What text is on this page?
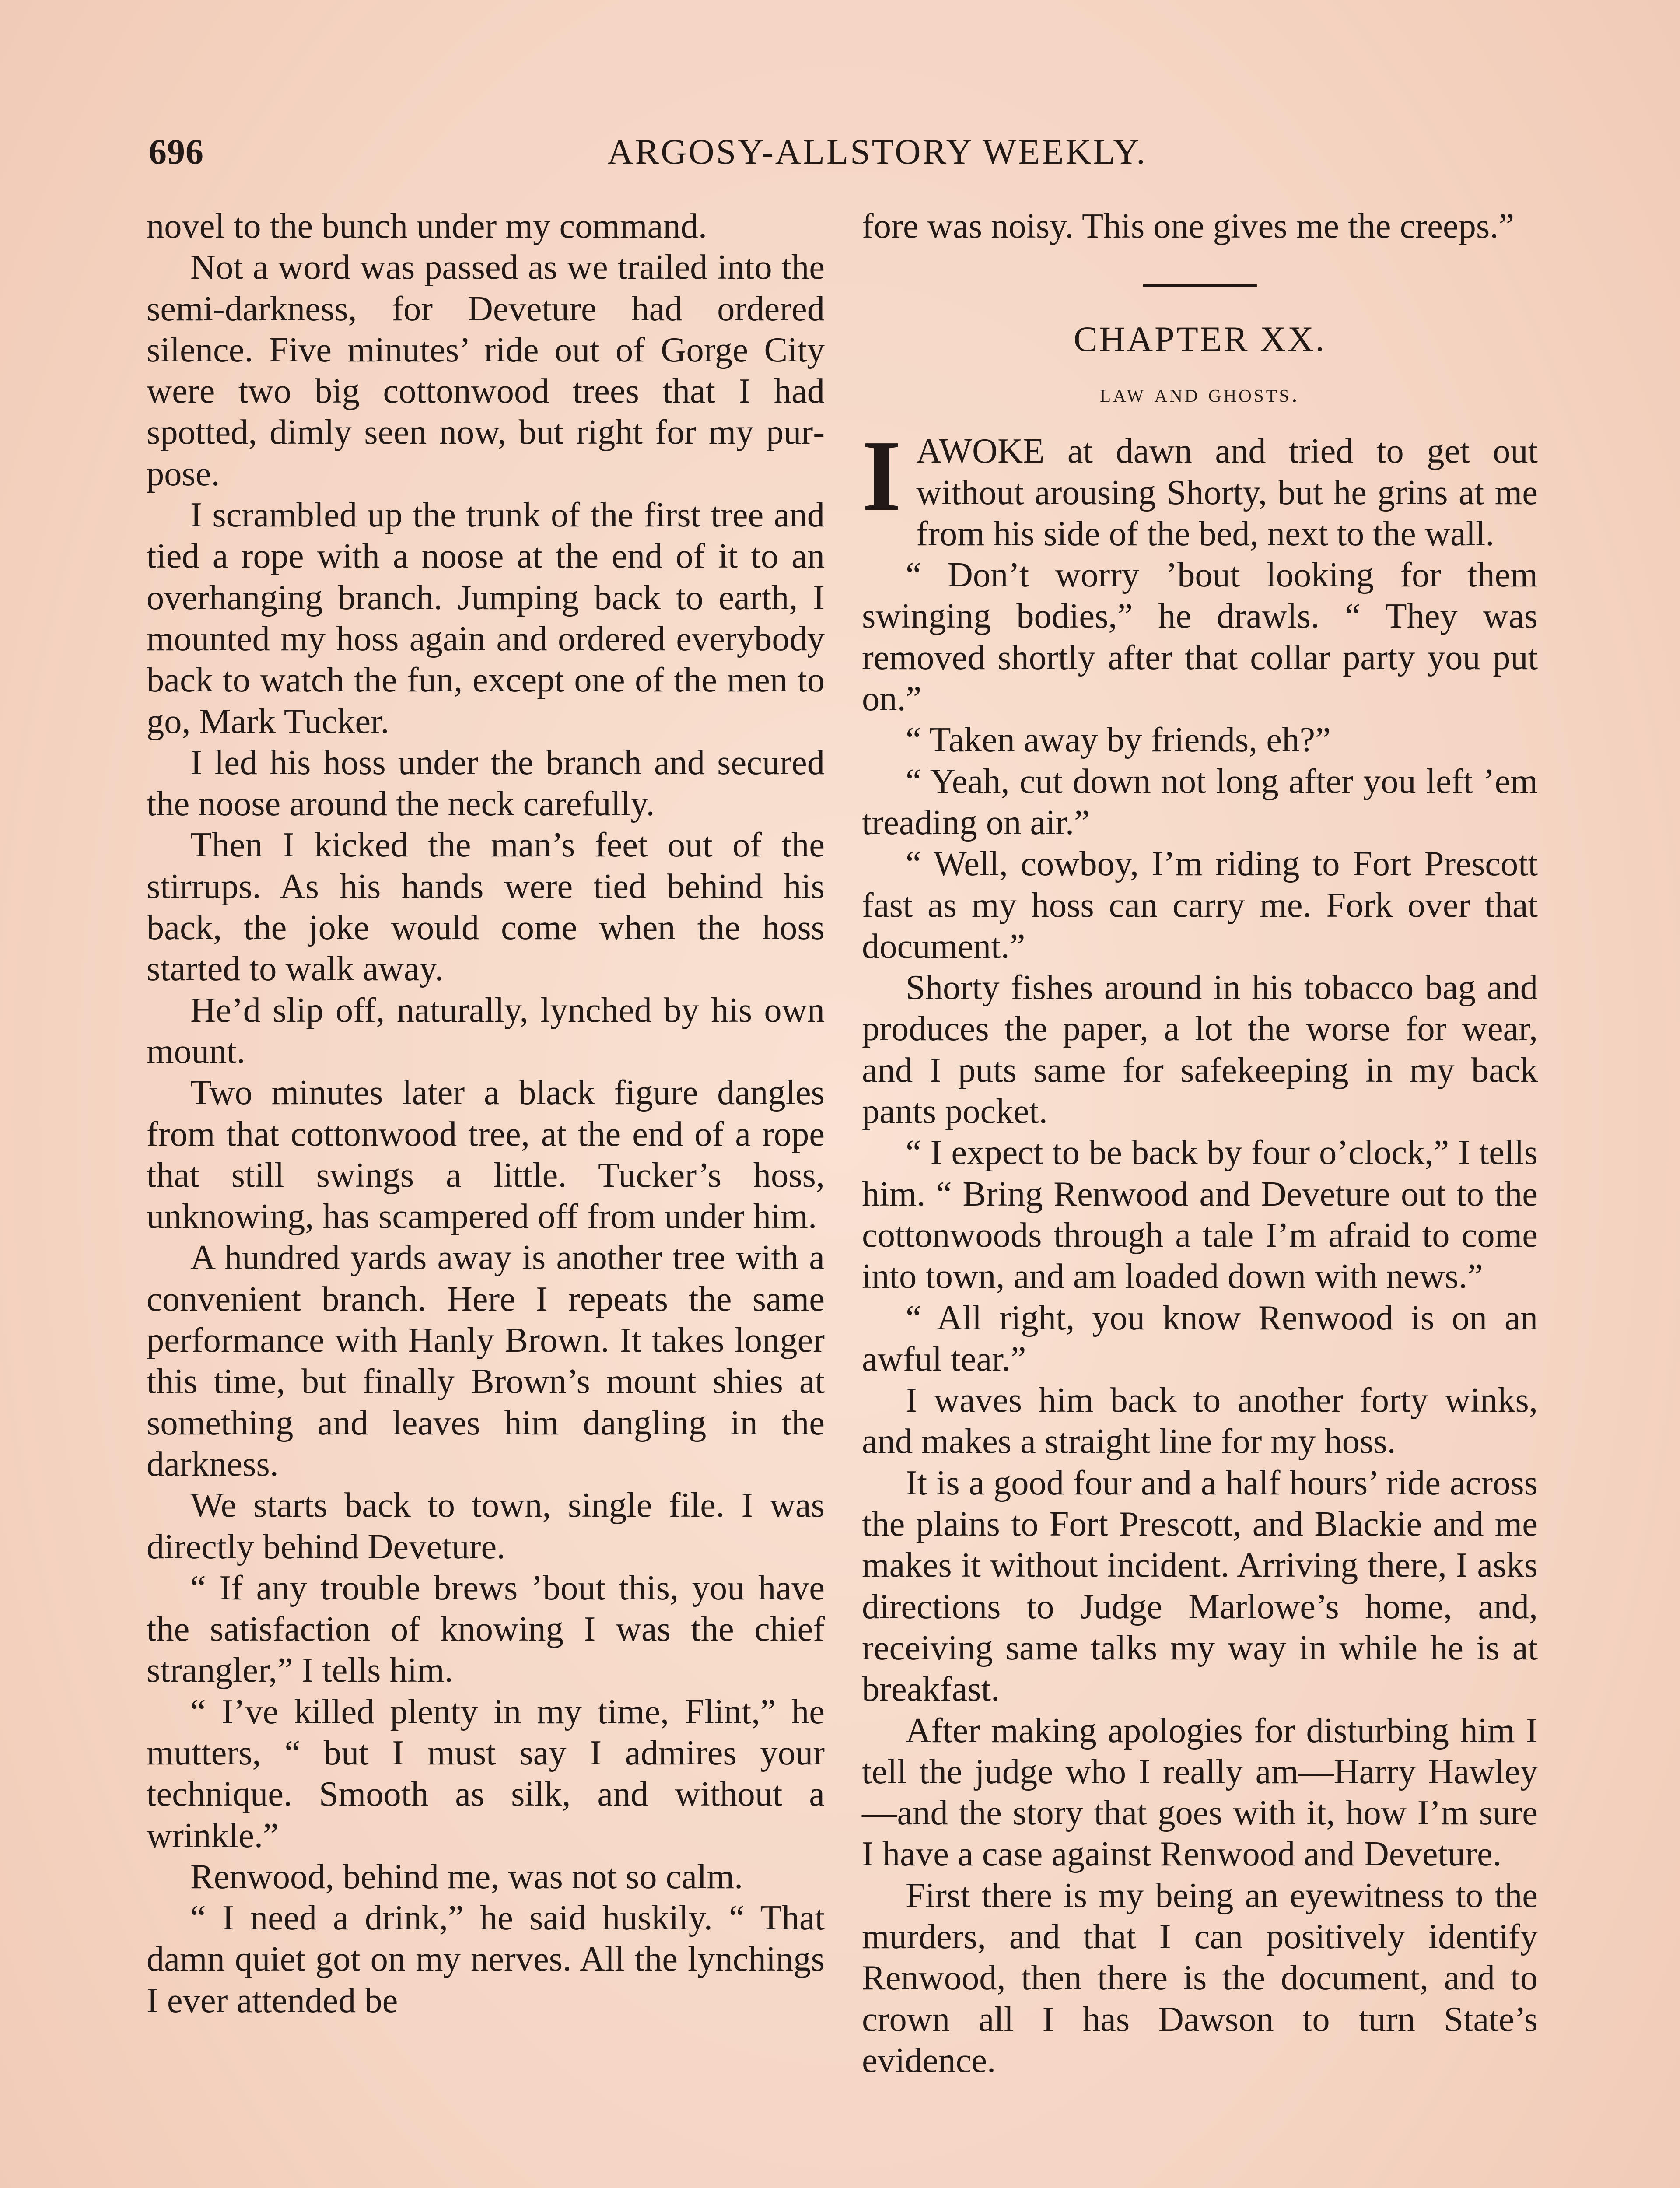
696	ARGOSY-ALLSTORY WEEKLY.

novel to the bunch under my command.

Not a word was passed as we trailed into the semi-darkness, for Deveture had ordered silence. Five minutes’ ride out of Gorge City were two big cottonwood trees that I had spotted, dimly seen now, but right for my purpose.

I scrambled up the trunk of the first tree and tied a rope with a noose at the end of it to an overhanging branch. Jumping back to earth, I mounted my hoss again and ordered everybody back to watch the fun, except one of the men to go, Mark Tucker.

I led his hoss under the branch and secured the noose around the neck carefully.

Then I kicked the man’s feet out of the stirrups. As his hands were tied behind his back, the joke would come when the hoss started to walk away.

He’d slip off, naturally, lynched by his own mount.

Two minutes later a black figure dangles from that cottonwood tree, at the end of a rope that still swings a little. Tucker’s hoss, unknowing, has scampered off from under him.

A hundred yards away is another tree with a convenient branch. Here I repeats the same performance with Hanly Brown. It takes longer this time, but finally Brown’s mount shies at something and leaves him dangling in the darkness.

We starts back to town, single file. I was directly behind Deveture.

“ If any trouble brews ’bout this, you have the satisfaction of knowing I was the chief strangler,” I tells him.

“ I’ve killed plenty in my time, Flint,” he mutters, “ but I must say I admires your technique. Smooth as silk, and without a wrinkle.”

Renwood, behind me, was not so calm.

“ I need a drink,” he said huskily. “ That damn quiet got on my nerves. All the lynchings I ever attended be

fore was noisy. This one gives me the creeps.”

CHAPTER XX.
law and ghosts.

IAWOKE at dawn and tried to get out without arousing Shorty, but he grins at me from his side of the bed, next to the wall.

“ Don’t worry ’bout looking for them swinging bodies,” he drawls. “ They was removed shortly after that collar party you put on.”

“ Taken away by friends, eh?”

“ Yeah, cut down not long after you left ’em treading on air.”

“ Well, cowboy, I’m riding to Fort Prescott fast as my hoss can carry me. Fork over that document.”

Shorty fishes around in his tobacco bag and produces the paper, a lot the worse for wear, and I puts same for safekeeping in my back pants pocket.

“ I expect to be back by four o’clock,” I tells him. “ Bring Renwood and Deveture out to the cottonwoods through a tale I’m afraid to come into town, and am loaded down with news.”

“ All right, you know Renwood is on an awful tear.”

I waves him back to another forty winks, and makes a straight line for my hoss.

It is a good four and a half hours’ ride across the plains to Fort Prescott, and Blackie and me makes it without incident. Arriving there, I asks directions to Judge Marlowe’s home, and, receiving same talks my way in while he is at breakfast.

After making apologies for disturbing him I tell the judge who I really am—Harry Hawley—and the story that goes with it, how I’m sure I have a case against Renwood and Deveture.

First there is my being an eyewitness to the murders, and that I can positively identify Renwood, then there is the document, and to crown all I has Dawson to turn State’s evidence.
